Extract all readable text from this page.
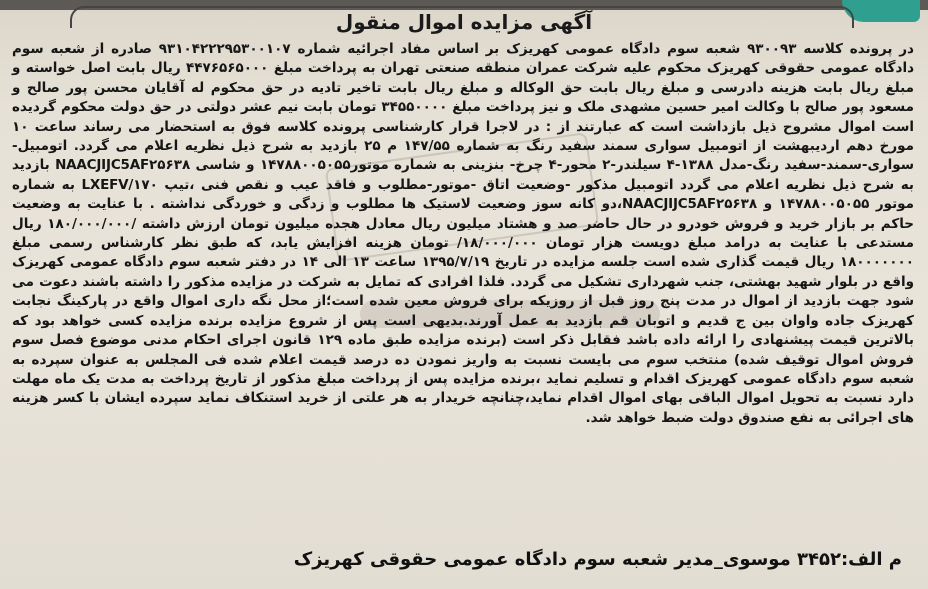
آگهی مزایده اموال منقول

در پرونده کلاسه ۹۳۰۰۹۳ شعبه سوم دادگاه عمومی کهریزک بر اساس مفاد اجرائیه شماره ۹۳۱۰۴۲۲۲۹۵۳۰۰۱۰۷ صادره از شعبه سوم دادگاه عمومی حقوقی کهریزک محکوم علیه شرکت عمران منطقه صنعتی تهران به پرداخت مبلغ ۴۴۷۶۵۶۵۰۰۰ ریال بابت اصل خواسته و مبلغ ریال بابت هزینه دادرسی و مبلغ ریال بابت حق الوکاله و مبلغ ریال بابت تاخیر تادیه در حق محکوم له آقایان محسن پور صالح و مسعود پور صالح با وکالت امیر حسین مشهدی ملک و نیز پرداخت مبلغ ۳۴۵۵۰۰۰۰ تومان بابت نیم عشر دولتی در حق دولت محکوم گردیده است اموال مشروح ذیل بازداشت است که عبارتند از : در لاجرا قرار کارشناسی پرونده کلاسه فوق به استحضار می رساند ساعت ۱۰ مورخ دهم اردیبهشت از اتومبیل سواری سمند سفید رنگ به شماره ۱۴۷/۵۵ م ۲۵ بازدید به شرح ذیل نظریه اعلام می گردد. اتومبیل-سواری-سمند-سفید رنگ-مدل ۱۳۸۸-۴ سیلندر-۲ محور-۴ چرخ- بنزینی به شماره موتور۱۴۷۸۸۰۰۵۰۵۵ و شاسی NAACJIJC5AF۲۵۶۳۸ بازدید به شرح ذیل نظریه اعلام می گردد اتومبیل مذکور -وضعیت اتاق -موتور-مطلوب و فاقد عیب و نقص فنی ،تیپ LXEFV/۱۷۰ به شماره موتور ۱۴۷۸۸۰۰۵۰۵۵ و NAACJIJC5AF۲۵۶۳۸،دو کانه سوز وضعیت لاستیک ها مطلوب و زدگی و خوردگی نداشته . با عنایت به وضعیت حاکم بر بازار خرید و فروش خودرو در حال حاضر صد و هشتاد میلیون ریال معادل هجده میلیون تومان ارزش داشته /۱۸۰/۰۰۰/۰۰۰ ریال مستدعی با عنایت به درامد مبلغ دویست هزار تومان ۱۸/۰۰۰/۰۰۰/ تومان هزینه افزایش یابد، که طبق نظر کارشناس رسمی مبلغ ۱۸۰۰۰۰۰۰۰ ریال قیمت گذاری شده است جلسه مزایده در تاریخ ۱۳۹۵/۷/۱۹ ساعت ۱۳ الی ۱۴ در دفتر شعبه سوم دادگاه عمومی کهریزک واقع در بلوار شهید بهشتی، جنب شهرداری تشکیل می گردد. فلذا افرادی که تمایل به شرکت در مزایده مذکور را داشته باشند دعوت می شود جهت بازدید از اموال در مدت پنج روز قبل از روزیکه برای فروش معین شده است؛از محل نگه داری اموال واقع در پارکینگ نجابت کهریزک جاده واوان بین ج قدیم و اتوبان قم بازدید به عمل آورند.بدیهی است پس از شروع مزایده برنده مزایده کسی خواهد بود که بالاترین قیمت پیشنهادی را ارائه داده باشد فقابل ذکر است (برنده مزایده طبق ماده ۱۲۹ قانون اجرای احکام مدنی موضوع فصل سوم فروش اموال توقیف شده) منتخب سوم می بایست نسبت به واریز نمودن ده درصد قیمت اعلام شده فی المجلس به عنوان سپرده به شعبه سوم دادگاه عمومی کهریزک اقدام و تسلیم نماید ،برنده مزایده پس از پرداخت مبلغ مذکور از تاریخ پرداخت به مدت یک ماه مهلت دارد نسبت به تحویل اموال الباقی بهای اموال اقدام نماید،چنانچه خریدار به هر علتی از خرید استنکاف نماید سپرده ایشان با کسر هزینه های اجرائی به نفع صندوق دولت ضبط خواهد شد.

م الف:۳۴۵۲ موسوی_مدیر شعبه سوم دادگاه عمومی حقوقی کهریزک
